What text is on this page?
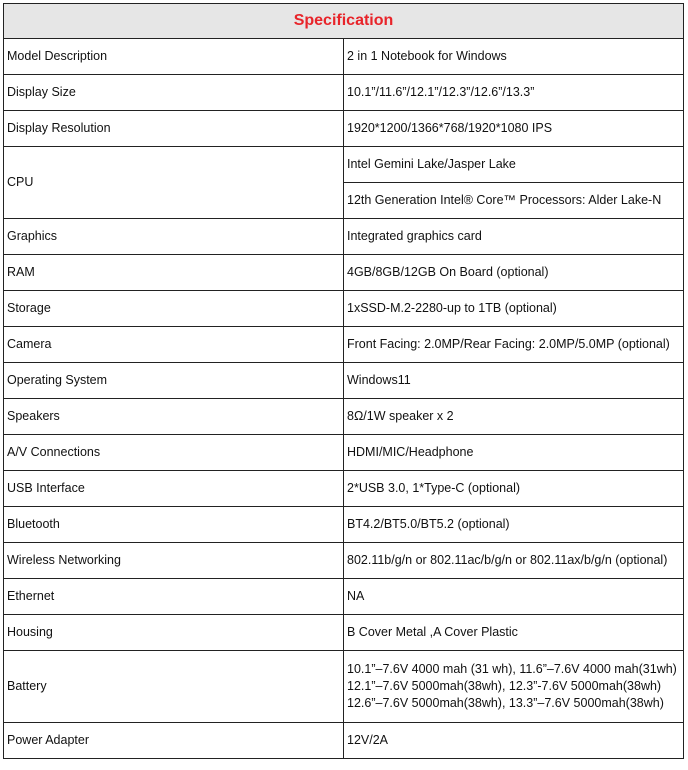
Specification	
Model Description	2 in 1 Notebook for Windows
Display Size	10.1”/11.6”/12.1”/12.3”/12.6”/13.3”
Display Resolution	1920*1200/1366*768/1920*1080 IPS
CPU	Intel Gemini Lake/Jasper Lake
	12th Generation Intel® Core™ Processors: Alder Lake-N
Graphics	Integrated graphics card
RAM	4GB/8GB/12GB On Board (optional)
Storage	1xSSD-M.2-2280-up to 1TB (optional)
Camera	Front Facing: 2.0MP/Rear Facing: 2.0MP/5.0MP (optional)
Operating System	Windows11
Speakers	8Ω/1W speaker x 2
A/V Connections	HDMI/MIC/Headphone
USB Interface	2*USB 3.0, 1*Type-C (optional)
Bluetooth	BT4.2/BT5.0/BT5.2 (optional)
Wireless Networking	802.11b/g/n or 802.11ac/b/g/n or 802.11ax/b/g/n (optional)
Ethernet	NA
Housing	B Cover Metal ,A Cover Plastic
Battery	10.1”–7.6V 4000 mah (31 wh), 11.6”–7.6V 4000 mah(31wh)
12.1”–7.6V 5000mah(38wh), 12.3”-7.6V 5000mah(38wh)
12.6”–7.6V 5000mah(38wh), 13.3”–7.6V 5000mah(38wh)

Power Adapter	12V/2A
